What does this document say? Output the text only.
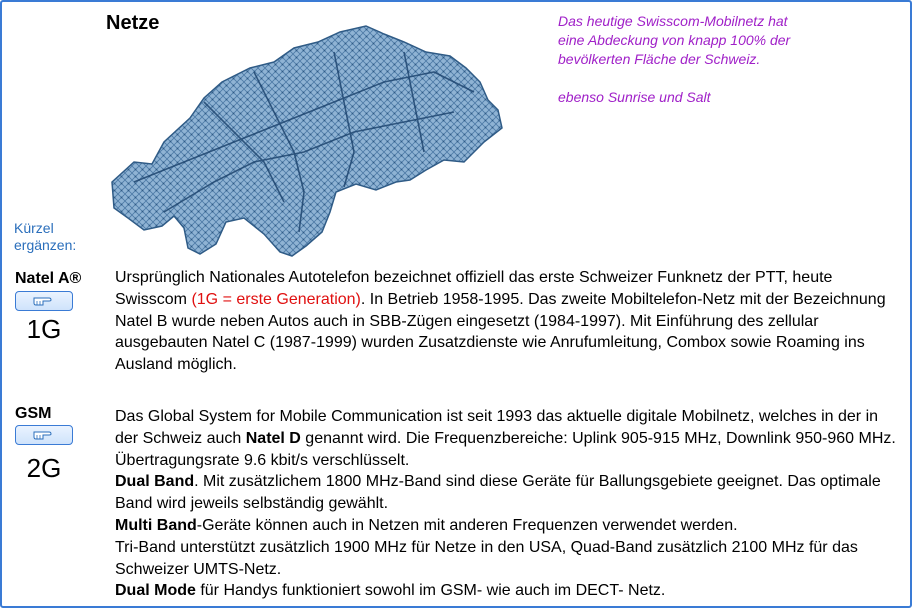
Netze	Das heutige Swisscom-Mobilnetz hat eine Abdeckung von knapp 100% der bevölkerten Fläche der Schweiz.

ebenso Sunrise und Salt

Kürzel
ergänzen:
Natel A®
1G

Ursprünglich Nationales Autotelefon bezeichnet offiziell das erste Schweizer Funknetz der PTT, heute Swisscom (1G = erste Generation). In Betrieb 1958-1995. Das zweite Mobiltelefon-Netz mit der Bezeichnung Natel B wurde neben Autos auch in SBB-Zügen eingesetzt (1984-1997). Mit Einführung des zellular ausgebauten Natel C (1987-1999) wurden Zusatzdienste wie Anrufumleitung, Combox sowie Roaming ins Ausland möglich.

GSM
2G

Das Global System for Mobile Communication ist seit 1993 das aktuelle digitale Mobilnetz, welches in der in der Schweiz auch Natel D genannt wird. Die Frequenzbereiche: Uplink 905-915 MHz, Downlink 950-960 MHz. Übertragungsrate 9.6 kbit/s verschlüsselt.

Dual Band. Mit zusätzlichem 1800 MHz-Band sind diese Geräte für Ballungsgebiete geeignet. Das optimale Band wird jeweils selbständig gewählt.

Multi Band-Geräte können auch in Netzen mit anderen Frequenzen verwendet werden.

Tri-Band unterstützt zusätzlich 1900 MHz für Netze in den USA, Quad-Band zusätzlich 2100 MHz für das Schweizer UMTS-Netz.

Dual Mode für Handys funktioniert sowohl im GSM- wie auch im DECT- Netz.
